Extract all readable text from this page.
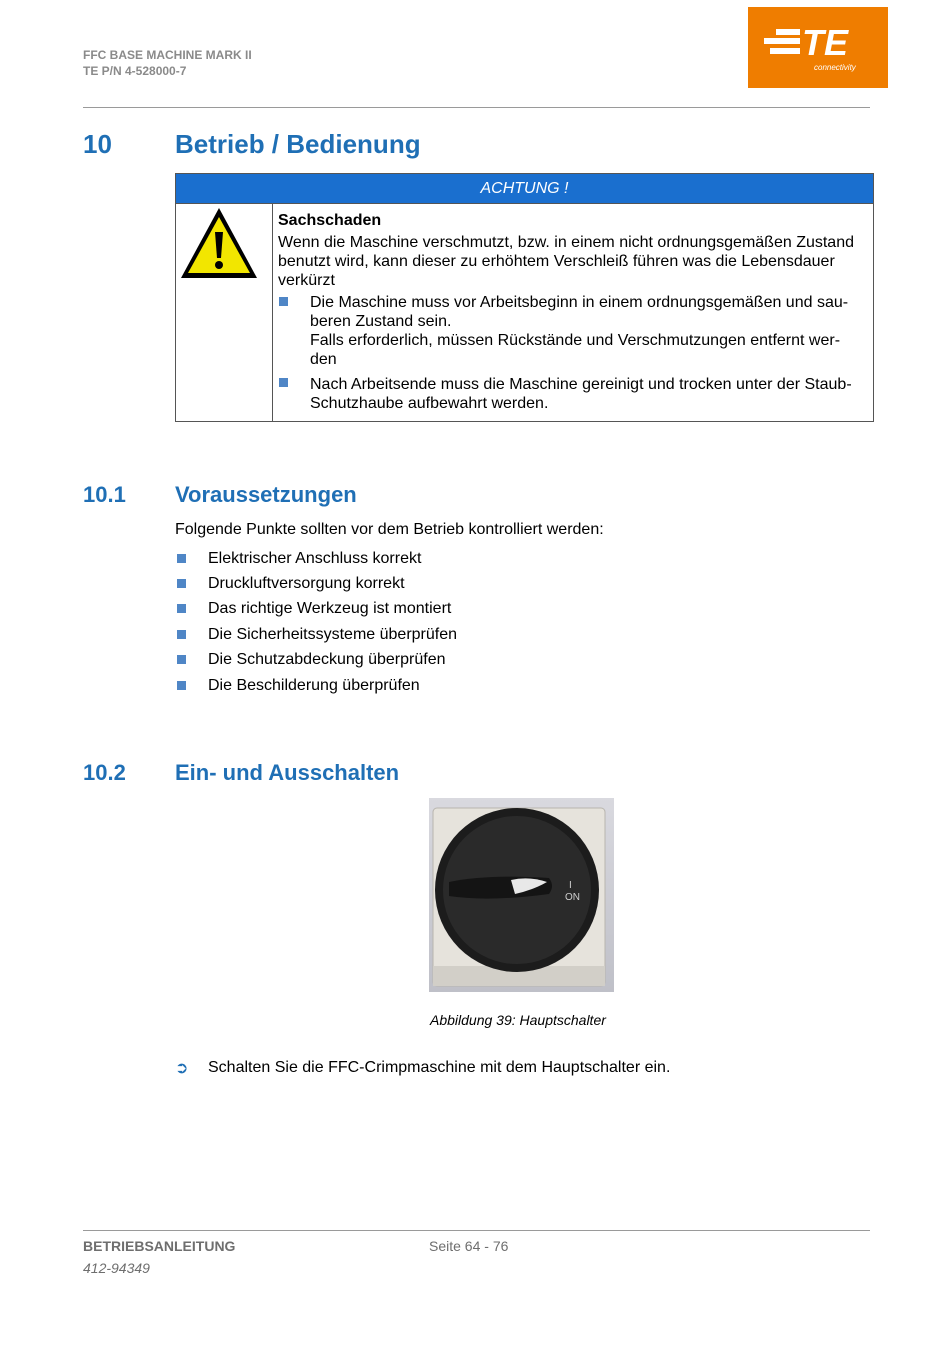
FFC BASE MACHINE MARK II
TE P/N 4-528000-7
TE
connectivity
10 Betrieb / Bedienung
ACHTUNG !
Sachschaden
Wenn die Maschine verschmutzt, bzw. in einem nicht ordnungsgemäßen Zustand
benutzt wird, kann dieser zu erhöhtem Verschleiß führen was die Lebensdauer
verkürzt
Die Maschine muss vor Arbeitsbeginn in einem ordnungsgemäßen und sau-
beren Zustand sein.
Falls erforderlich, müssen Rückstände und Verschmutzungen entfernt wer-
den
Nach Arbeitsende muss die Maschine gereinigt und trocken unter der Staub-
Schutzhaube aufbewahrt werden.
10.1 Voraussetzungen
Folgende Punkte sollten vor dem Betrieb kontrolliert werden:
Elektrischer Anschluss korrekt
Druckluftversorgung korrekt
Das richtige Werkzeug ist montiert
Die Sicherheitssysteme überprüfen
Die Schutzabdeckung überprüfen
Die Beschilderung überprüfen
10.2 Ein- und Ausschalten
I
ON
Abbildung 39: Hauptschalter
➲ Schalten Sie die FFC-Crimpmaschine mit dem Hauptschalter ein.
BETRIEBSANLEITUNG	Seite 64 - 76
412-94349
